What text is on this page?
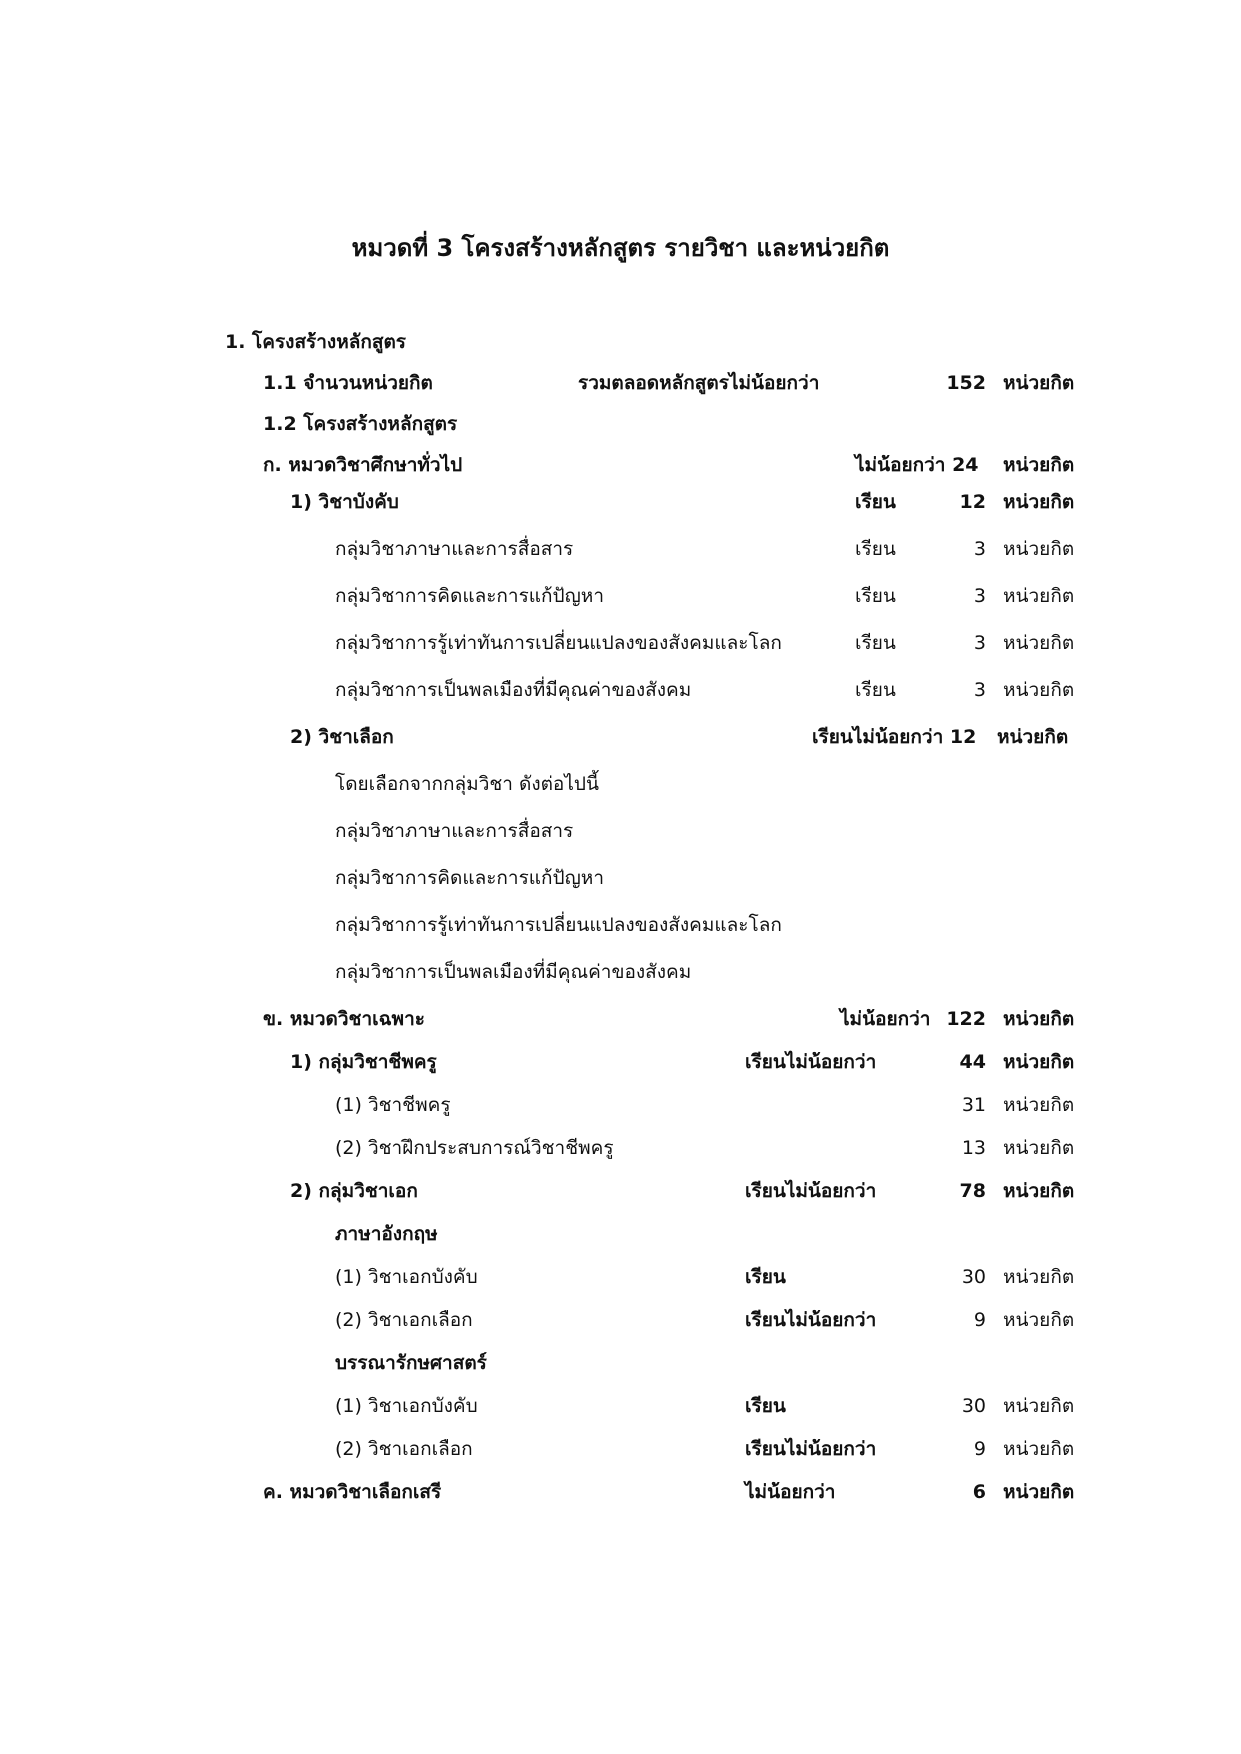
หมวดที่ 3 โครงสร้างหลักสูตร รายวิชา และหน่วยกิต
1. โครงสร้างหลักสูตร
1.1 จำนวนหน่วยกิต	รวมตลอดหลักสูตรไม่น้อยกว่า	152 หน่วยกิต
1.2 โครงสร้างหลักสูตร
ก. หมวดวิชาศึกษาทั่วไป	ไม่น้อยกว่า 24 หน่วยกิต
1) วิชาบังคับ	เรียน	12 หน่วยกิต
กลุ่มวิชาภาษาและการสื่อสาร	เรียน	3 หน่วยกิต
กลุ่มวิชาการคิดและการแก้ปัญหา	เรียน	3 หน่วยกิต
กลุ่มวิชาการรู้เท่าทันการเปลี่ยนแปลงของสังคมและโลก	เรียน	3 หน่วยกิต
กลุ่มวิชาการเป็นพลเมืองที่มีคุณค่าของสังคม	เรียน	3 หน่วยกิต
2) วิชาเลือก	เรียนไม่น้อยกว่า 12 หน่วยกิต
โดยเลือกจากกลุ่มวิชา ดังต่อไปนี้
กลุ่มวิชาภาษาและการสื่อสาร
กลุ่มวิชาการคิดและการแก้ปัญหา
กลุ่มวิชาการรู้เท่าทันการเปลี่ยนแปลงของสังคมและโลก
กลุ่มวิชาการเป็นพลเมืองที่มีคุณค่าของสังคม
ข. หมวดวิชาเฉพาะ	ไม่น้อยกว่า 122 หน่วยกิต
1) กลุ่มวิชาชีพครู	เรียนไม่น้อยกว่า	44 หน่วยกิต
(1) วิชาชีพครู	31 หน่วยกิต
(2) วิชาฝึกประสบการณ์วิชาชีพครู	13 หน่วยกิต
2) กลุ่มวิชาเอก	เรียนไม่น้อยกว่า	78 หน่วยกิต
ภาษาอังกฤษ
(1) วิชาเอกบังคับ	เรียน	30 หน่วยกิต
(2) วิชาเอกเลือก	เรียนไม่น้อยกว่า	9 หน่วยกิต
บรรณารักษศาสตร์
(1) วิชาเอกบังคับ	เรียน	30 หน่วยกิต
(2) วิชาเอกเลือก	เรียนไม่น้อยกว่า	9 หน่วยกิต
ค. หมวดวิชาเลือกเสรี	ไม่น้อยกว่า	6 หน่วยกิต
